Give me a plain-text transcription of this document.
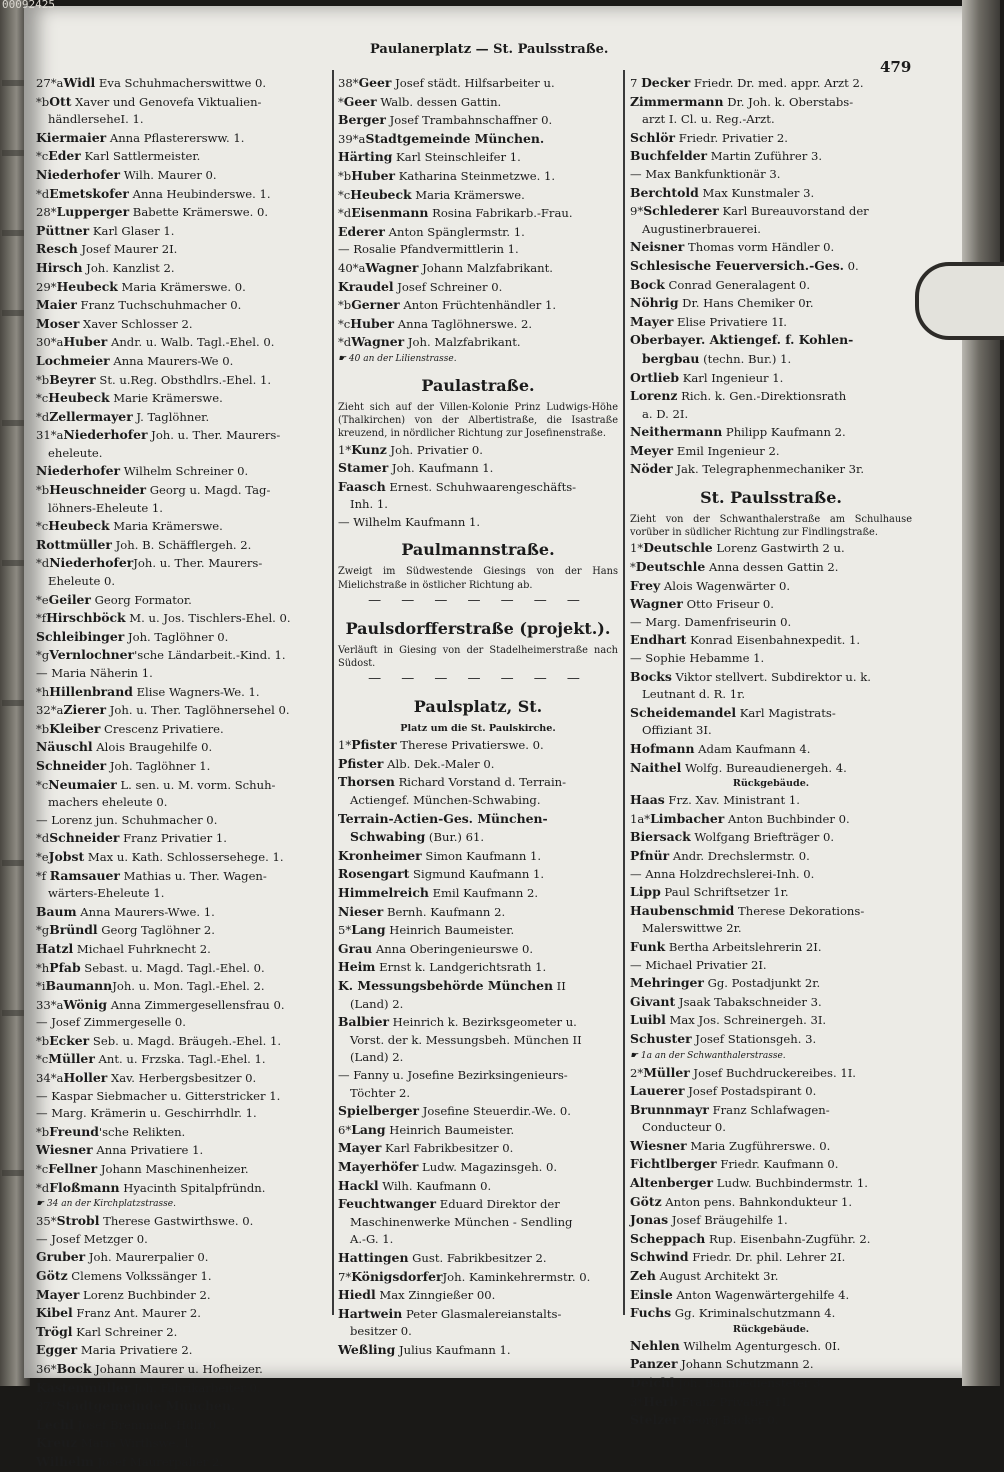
00092425
Paulanerplatz — St. Paulsstraße.
479
27*aWidl Eva Schuhmacherswittwe 0.
*bOtt Xaver und Genovefa Viktualien-
händlerseheI. 1.
Kiermaier Anna Pflasterersww. 1.
*cEder Karl Sattlermeister.
Niederhofer Wilh. Maurer 0.
*dEmetskofer Anna Heubinderswe. 1.
28*Lupperger Babette Krämerswe. 0.
Püttner Karl Glaser 1.
Resch Josef Maurer 2I.
Hirsch Joh. Kanzlist 2.
29*Heubeck Maria Krämerswe. 0.
Maier Franz Tuchschuhmacher 0.
Moser Xaver Schlosser 2.
30*aHuber Andr. u. Walb. Tagl.-Ehel. 0.
Lochmeier Anna Maurers-We 0.
*bBeyrer St. u.Reg. Obsthdlrs.-Ehel. 1.
*cHeubeck Marie Krämerswe.
*dZellermayer J. Taglöhner.
31*aNiederhofer Joh. u. Ther. Maurers-
eheleute.
Niederhofer Wilhelm Schreiner 0.
*bHeuschneider Georg u. Magd. Tag-
löhners-Eheleute 1.
*cHeubeck Maria Krämerswe.
Rottmüller Joh. B. Schäfflergeh. 2.
*dNiederhoferJoh. u. Ther. Maurers-
Eheleute 0.
*eGeiler Georg Formator.
*fHirschböck M. u. Jos. Tischlers-Ehel. 0.
Schleibinger Joh. Taglöhner 0.
*gVernlochner'sche Ländarbeit.-Kind. 1.
— Maria Näherin 1.
*hHillenbrand Elise Wagners-We. 1.
32*aZierer Joh. u. Ther. Taglöhnersehel 0.
*bKleiber Crescenz Privatiere.
Näuschl Alois Braugehilfe 0.
Schneider Joh. Taglöhner 1.
*cNeumaier L. sen. u. M. vorm. Schuh-
machers eheleute 0.
— Lorenz jun. Schuhmacher 0.
*dSchneider Franz Privatier 1.
*eJobst Max u. Kath. Schlossersehege. 1.
*f Ramsauer Mathias u. Ther. Wagen-
wärters-Eheleute 1.
Baum Anna Maurers-Wwe. 1.
*gBründl Georg Taglöhner 2.
Hatzl Michael Fuhrknecht 2.
*hPfab Sebast. u. Magd. Tagl.-Ehel. 0.
*iBaumannJoh. u. Mon. Tagl.-Ehel. 2.
33*aWönig Anna Zimmergesellensfrau 0.
— Josef Zimmergeselle 0.
*bEcker Seb. u. Magd. Bräugeh.-Ehel. 1.
*cMüller Ant. u. Frzska. Tagl.-Ehel. 1.
34*aHoller Xav. Herbergsbesitzer 0.
— Kaspar Siebmacher u. Gitterstricker 1.
— Marg. Krämerin u. Geschirrhdlr. 1.
*bFreund'sche Relikten.
Wiesner Anna Privatiere 1.
*cFellner Johann Maschinenheizer.
*dFloßmann Hyacinth Spitalpfründn.
☛ 34 an der Kirchplatzstrasse.
35*Strobl Therese Gastwirthswe. 0.
— Josef Metzger 0.
Gruber Joh. Maurerpalier 0.
Götz Clemens Volkssänger 1.
Mayer Lorenz Buchbinder 2.
Kibel Franz Ant. Maurer 2.
Trögl Karl Schreiner 2.
Egger Maria Privatiere 2.
36*Bock Johann Maurer u. Hofheizer.
Kastenmüller Joh. Fabrikarbeiter 0.
37*Stadtgemeinde München.
Lechl Josef Brennmat.-Hdlr. 0.
Kreuz Maria Wirthswe. 1.
Wilhelm Josef Maurerpalier 2.
38*Geer Josef städt. Hilfsarbeiter u.
*Geer Walb. dessen Gattin.
Berger Josef Trambahnschaffner 0.
39*aStadtgemeinde München.
Härting Karl Steinschleifer 1.
*bHuber Katharina Steinmetzwe. 1.
*cHeubeck Maria Krämerswe.
*dEisenmann Rosina Fabrikarb.-Frau.
Ederer Anton Spänglermstr. 1.
— Rosalie Pfandvermittlerin 1.
40*aWagner Johann Malzfabrikant.
Kraudel Josef Schreiner 0.
*bGerner Anton Früchtenhändler 1.
*cHuber Anna Taglöhnerswe. 2.
*dWagner Joh. Malzfabrikant.
☛ 40 an der Lilienstrasse.
Paulastraße.
Zieht sich auf der Villen-Kolonie Prinz Ludwigs-Höhe (Thalkirchen) von der Albertistraße, die Isastraße kreuzend, in nördlicher Richtung zur Josefinenstraße.
1*Kunz Joh. Privatier 0.
Stamer Joh. Kaufmann 1.
Faasch Ernest. Schuhwaarengeschäfts-
Inh. 1.
— Wilhelm Kaufmann 1.
Paulmannstraße.
Zweigt im Südwestende Giesings von der Hans Mielichstraße in östlicher Richtung ab.
— — — — — — —
Paulsdorfferstraße (projekt.).
Verläuft in Giesing von der Stadelheimerstraße nach Südost.
— — — — — — —
Paulsplatz, St.
Platz um die St. Paulskirche.
1*Pfister Therese Privatierswe. 0.
Pfister Alb. Dek.-Maler 0.
Thorsen Richard Vorstand d. Terrain-
Actiengef. München-Schwabing.
Terrain-Actien-Ges. München-
Schwabing (Bur.) 61.
Kronheimer Simon Kaufmann 1.
Rosengart Sigmund Kaufmann 1.
Himmelreich Emil Kaufmann 2.
Nieser Bernh. Kaufmann 2.
5*Lang Heinrich Baumeister.
Grau Anna Oberingenieurswe 0.
Heim Ernst k. Landgerichtsrath 1.
K. Messungsbehörde München II
(Land) 2.
Balbier Heinrich k. Bezirksgeometer u.
Vorst. der k. Messungsbeh. München II
(Land) 2.
— Fanny u. Josefine Bezirksingenieurs-
Töchter 2.
Spielberger Josefine Steuerdir.-We. 0.
6*Lang Heinrich Baumeister.
Mayer Karl Fabrikbesitzer 0.
Mayerhöfer Ludw. Magazinsgeh. 0.
Hackl Wilh. Kaufmann 0.
Feuchtwanger Eduard Direktor der
Maschinenwerke München - Sendling
A.-G. 1.
Hattingen Gust. Fabrikbesitzer 2.
7*KönigsdorferJoh. Kaminkehrermstr. 0.
Hiedl Max Zinngießer 00.
Hartwein Peter Glasmalereianstalts-
besitzer 0.
Weßling Julius Kaufmann 1.
7 Decker Friedr. Dr. med. appr. Arzt 2.
Zimmermann Dr. Joh. k. Oberstabs-
arzt I. Cl. u. Reg.-Arzt.
Schlör Friedr. Privatier 2.
Buchfelder Martin Zuführer 3.
— Max Bankfunktionär 3.
Berchtold Max Kunstmaler 3.
9*Schlederer Karl Bureauvorstand der
Augustinerbrauerei.
Neisner Thomas vorm Händler 0.
Schlesische Feuerversich.-Ges. 0.
Bock Conrad Generalagent 0.
Nöhrig Dr. Hans Chemiker 0r.
Mayer Elise Privatiere 1I.
Oberbayer. Aktiengef. f. Kohlen-
bergbau (techn. Bur.) 1.
Ortlieb Karl Ingenieur 1.
Lorenz Rich. k. Gen.-Direktionsrath
a. D. 2I.
Neithermann Philipp Kaufmann 2.
Meyer Emil Ingenieur 2.
Nöder Jak. Telegraphenmechaniker 3r.
St. Paulsstraße.
Zieht von der Schwanthalerstraße am Schulhause vorüber in südlicher Richtung zur Findlingstraße.
1*Deutschle Lorenz Gastwirth 2 u.
*Deutschle Anna dessen Gattin 2.
Frey Alois Wagenwärter 0.
Wagner Otto Friseur 0.
— Marg. Damenfriseurin 0.
Endhart Konrad Eisenbahnexpedit. 1.
— Sophie Hebamme 1.
Bocks Viktor stellvert. Subdirektor u. k.
Leutnant d. R. 1r.
Scheidemandel Karl Magistrats-
Offiziant 3I.
Hofmann Adam Kaufmann 4.
Naithel Wolfg. Bureaudienergeh. 4.
Rückgebäude.
Haas Frz. Xav. Ministrant 1.
1a*Limbacher Anton Buchbinder 0.
Biersack Wolfgang Briefträger 0.
Pfnür Andr. Drechslermstr. 0.
— Anna Holzdrechslerei-Inh. 0.
Lipp Paul Schriftsetzer 1r.
Haubenschmid Therese Dekorations-
Malerswittwe 2r.
Funk Bertha Arbeitslehrerin 2I.
— Michael Privatier 2I.
Mehringer Gg. Postadjunkt 2r.
Givant Jsaak Tabakschneider 3.
Luibl Max Jos. Schreinergeh. 3I.
Schuster Josef Stationsgeh. 3.
☛ 1a an der Schwanthalerstrasse.
2*Müller Josef Buchdruckereibes. 1I.
Lauerer Josef Postadspirant 0.
Brunnmayr Franz Schlafwagen-
Conducteur 0.
Wiesner Maria Zugführerswe. 0.
Fichtlberger Friedr. Kaufmann 0.
Altenberger Ludw. Buchbindermstr. 1.
Götz Anton pens. Bahnkondukteur 1.
Jonas Josef Bräugehilfe 1.
Scheppach Rup. Eisenbahn-Zugführ. 2.
Schwind Friedr. Dr. phil. Lehrer 2I.
Zeh August Architekt 3r.
Einsle Anton Wagenwärtergehilfe 4.
Fuchs Gg. Kriminalschutzmann 4.
Rückgebäude.
Nehlen Wilhelm Agenturgesch. 0I.
Panzer Johann Schutzmann 2.
Deichl Joh. Bahnbediensteter 3.
3*Herb Franz Privatier 1I.
Stelzer Georg Bäcker 0.
